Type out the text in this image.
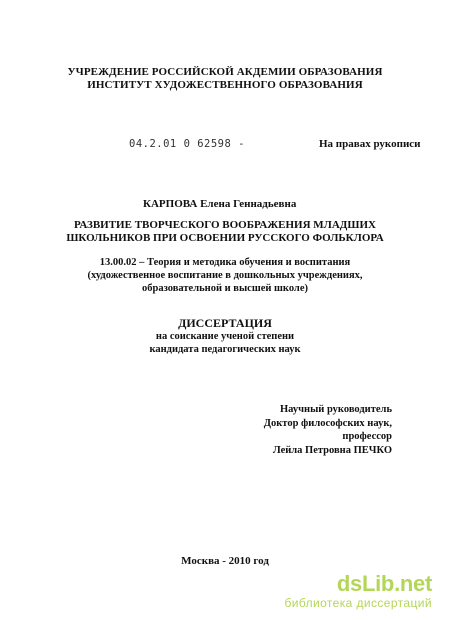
УЧРЕЖДЕНИЕ РОССИЙСКОЙ АКДЕМИИ ОБРАЗОВАНИЯ
ИНСТИТУТ ХУДОЖЕСТВЕННОГО ОБРАЗОВАНИЯ
04.2.01 0 62598 -	На правах рукописи
КАРПОВА Елена Геннадьевна
РАЗВИТИЕ ТВОРЧЕСКОГО ВООБРАЖЕНИЯ МЛАДШИХ
ШКОЛЬНИКОВ ПРИ ОСВОЕНИИ РУССКОГО ФОЛЬКЛОРА
13.00.02 – Теория и методика обучения и воспитания
(художественное воспитание в дошкольных учреждениях,
образовательной и высшей школе)
ДИССЕРТАЦИЯ
на соискание ученой степени
кандидата педагогических наук
Научный руководитель
Доктор философских наук,
профессор
Лейла Петровна ПЕЧКО
Москва - 2010 год
dsLib.net
библиотека диссертаций
